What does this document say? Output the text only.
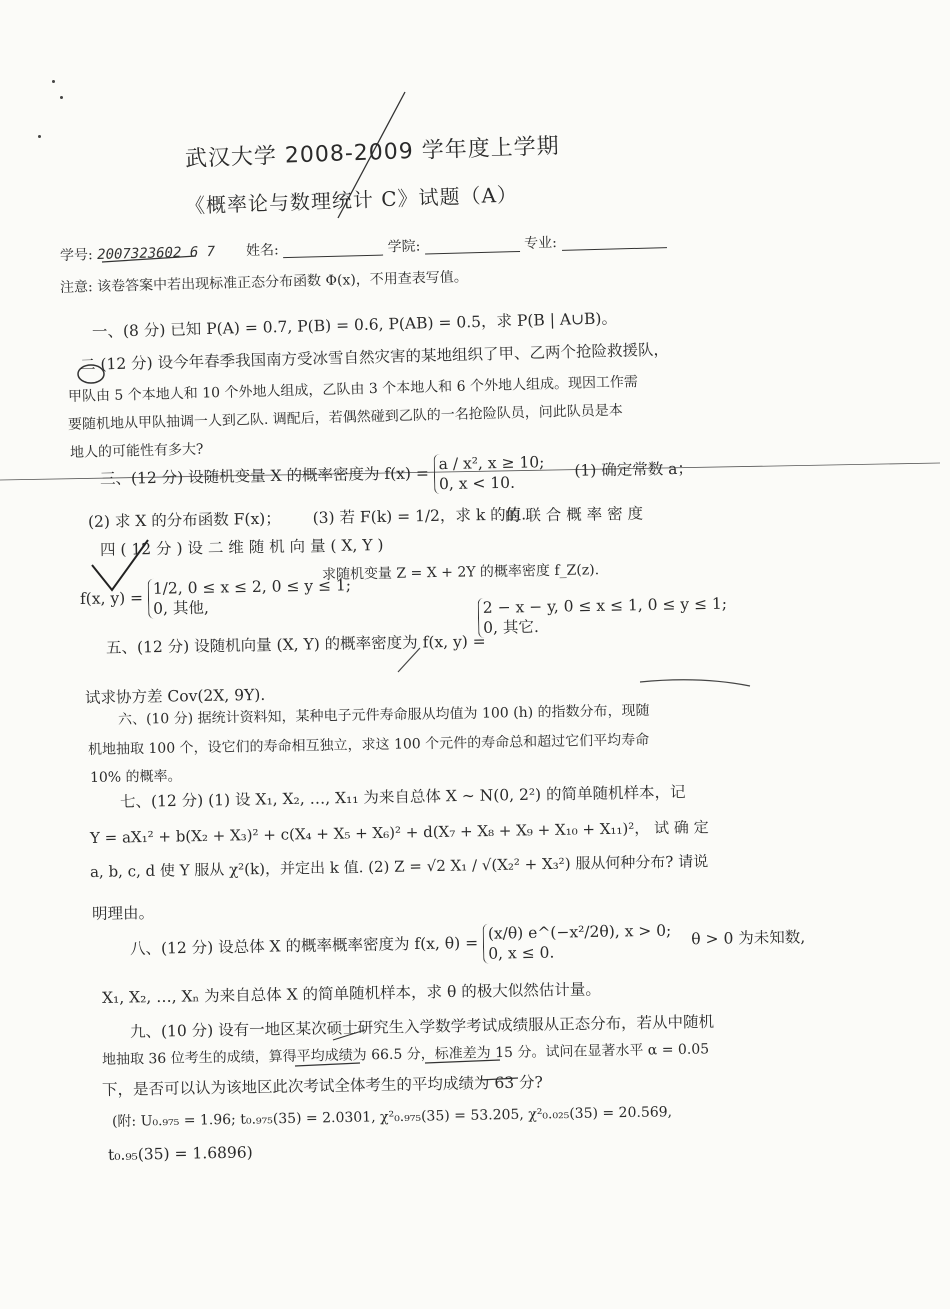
武汉大学 2008-2009 学年度上学期
《概率论与数理统计 C》试题（A）
学号: 2007323602 6 7 姓名:	学院:	专业:
注意: 该卷答案中若出现标准正态分布函数 Φ(x)，不用查表写值。
一、(8 分) 已知 P(A) = 0.7, P(B) = 0.6, P(AB) = 0.5，求 P(B | A∪B)。
二 (12 分) 设今年春季我国南方受冰雪自然灾害的某地组织了甲、乙两个抢险救援队，
甲队由 5 个本地人和 10 个外地人组成，乙队由 3 个本地人和 6 个外地人组成。现因工作需
要随机地从甲队抽调一人到乙队. 调配后，若偶然碰到乙队的一名抢险队员，问此队员是本
地人的可能性有多大?
三、(12 分) 设随机变量 X 的概率密度为 f(x) = a / x², x ≥ 10;
0, x < 10.  (1) 确定常数 a；
(2) 求 X 的分布函数 F(x)； (3) 若 F(k) = 1/2，求 k 的值.
的 联 合 概 率 密 度
四 ( 12 分 ) 设 二 维 随 机 向 量 ( X, Y )
f(x, y) = 1/2, 0 ≤ x ≤ 2, 0 ≤ y ≤ 1;
0, 其他,
求随机变量 Z = X + 2Y 的概率密度 f_Z(z).
2 − x − y, 0 ≤ x ≤ 1, 0 ≤ y ≤ 1;
0, 其它.
五、(12 分) 设随机向量 (X, Y) 的概率密度为 f(x, y) =
试求协方差 Cov(2X, 9Y).
六、(10 分) 据统计资料知，某种电子元件寿命服从均值为 100 (h) 的指数分布，现随
机地抽取 100 个，设它们的寿命相互独立，求这 100 个元件的寿命总和超过它们平均寿命
10% 的概率。
七、(12 分) (1) 设 X₁, X₂, …, X₁₁ 为来自总体 X ~ N(0, 2²) 的简单随机样本，记
Y = aX₁² + b(X₂ + X₃)² + c(X₄ + X₅ + X₆)² + d(X₇ + X₈ + X₉ + X₁₀ + X₁₁)²， 试 确 定
a, b, c, d 使 Y 服从 χ²(k)，并定出 k 值. (2) Z = √2 X₁ / √(X₂² + X₃²) 服从何种分布? 请说
明理由。
八、(12 分) 设总体 X 的概率概率密度为 f(x, θ) = (x/θ) e^(−x²/2θ), x > 0;
0, x ≤ 0.  θ > 0 为未知数,
X₁, X₂, …, Xₙ 为来自总体 X 的简单随机样本，求 θ 的极大似然估计量。
九、(10 分) 设有一地区某次硕士研究生入学数学考试成绩服从正态分布，若从中随机
地抽取 36 位考生的成绩，算得平均成绩为 66.5 分，标准差为 15 分。试问在显著水平 α = 0.05
下，是否可以认为该地区此次考试全体考生的平均成绩为 63 分?
(附: U₀.₉₇₅ = 1.96; t₀.₉₇₅(35) = 2.0301, χ²₀.₉₇₅(35) = 53.205, χ²₀.₀₂₅(35) = 20.569,
t₀.₉₅(35) = 1.6896)
